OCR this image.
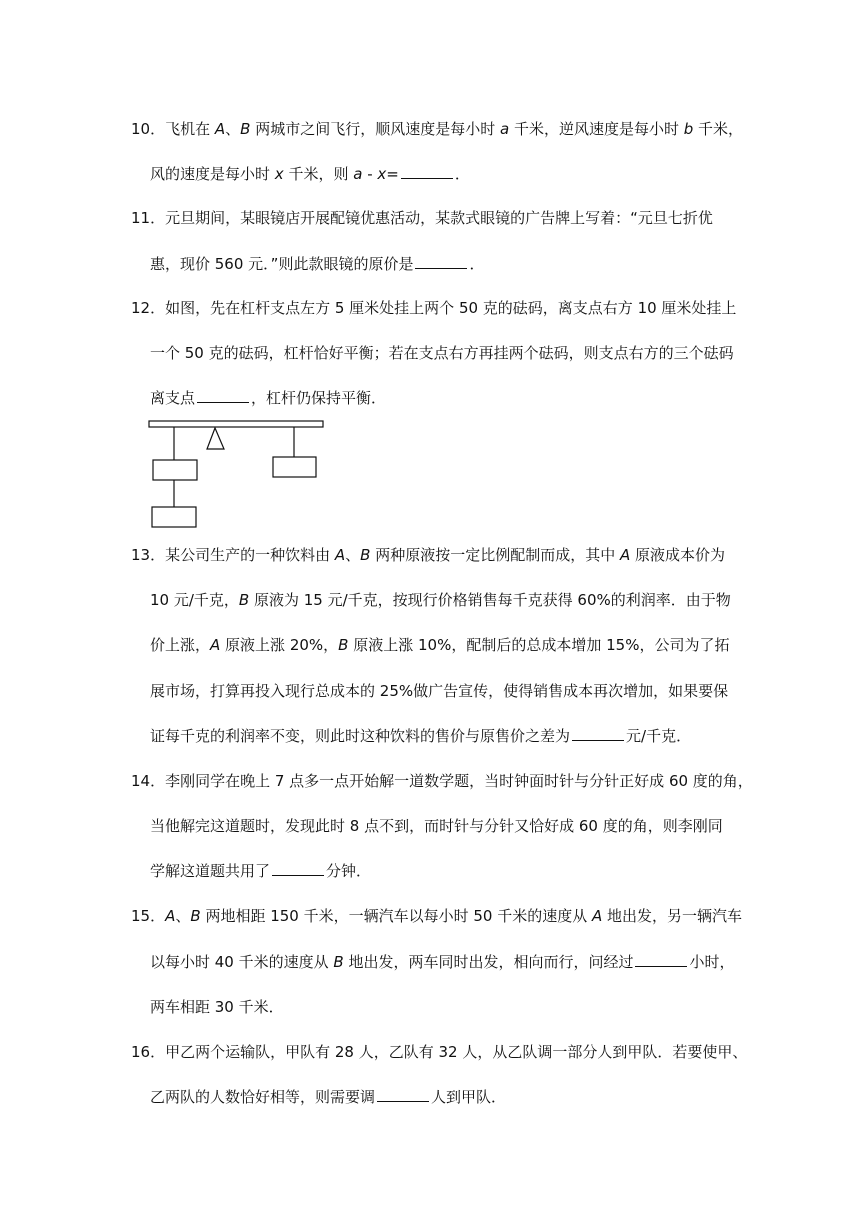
10．飞机在 A、B 两城市之间飞行，顺风速度是每小时 a 千米，逆风速度是每小时 b 千米，
风的速度是每小时 x 千米，则 a - x=	．
11．元旦期间，某眼镜店开展配镜优惠活动，某款式眼镜的广告牌上写着：“元旦七折优
惠，现价 560 元．”则此款眼镜的原价是	．
12．如图，先在杠杆支点左方 5 厘米处挂上两个 50 克的砝码，离支点右方 10 厘米处挂上
一个 50 克的砝码，杠杆恰好平衡；若在支点右方再挂两个砝码，则支点右方的三个砝码
离支点	，杠杆仍保持平衡．
13．某公司生产的一种饮料由 A、B 两种原液按一定比例配制而成，其中 A 原液成本价为
10 元/千克，B 原液为 15 元/千克，按现行价格销售每千克获得 60%的利润率．由于物
价上涨，A 原液上涨 20%，B 原液上涨 10%，配制后的总成本增加 15%，公司为了拓
展市场，打算再投入现行总成本的 25%做广告宣传，使得销售成本再次增加，如果要保
证每千克的利润率不变，则此时这种饮料的售价与原售价之差为	元/千克．
14．李刚同学在晚上 7 点多一点开始解一道数学题，当时钟面时针与分针正好成 60 度的角，
当他解完这道题时，发现此时 8 点不到，而时针与分针又恰好成 60 度的角，则李刚同
学解这道题共用了	分钟．
15．A、B 两地相距 150 千米，一辆汽车以每小时 50 千米的速度从 A 地出发，另一辆汽车
以每小时 40 千米的速度从 B 地出发，两车同时出发，相向而行，问经过	小时，
两车相距 30 千米．
16．甲乙两个运输队，甲队有 28 人，乙队有 32 人，从乙队调一部分人到甲队．若要使甲、
乙两队的人数恰好相等，则需要调	人到甲队．
